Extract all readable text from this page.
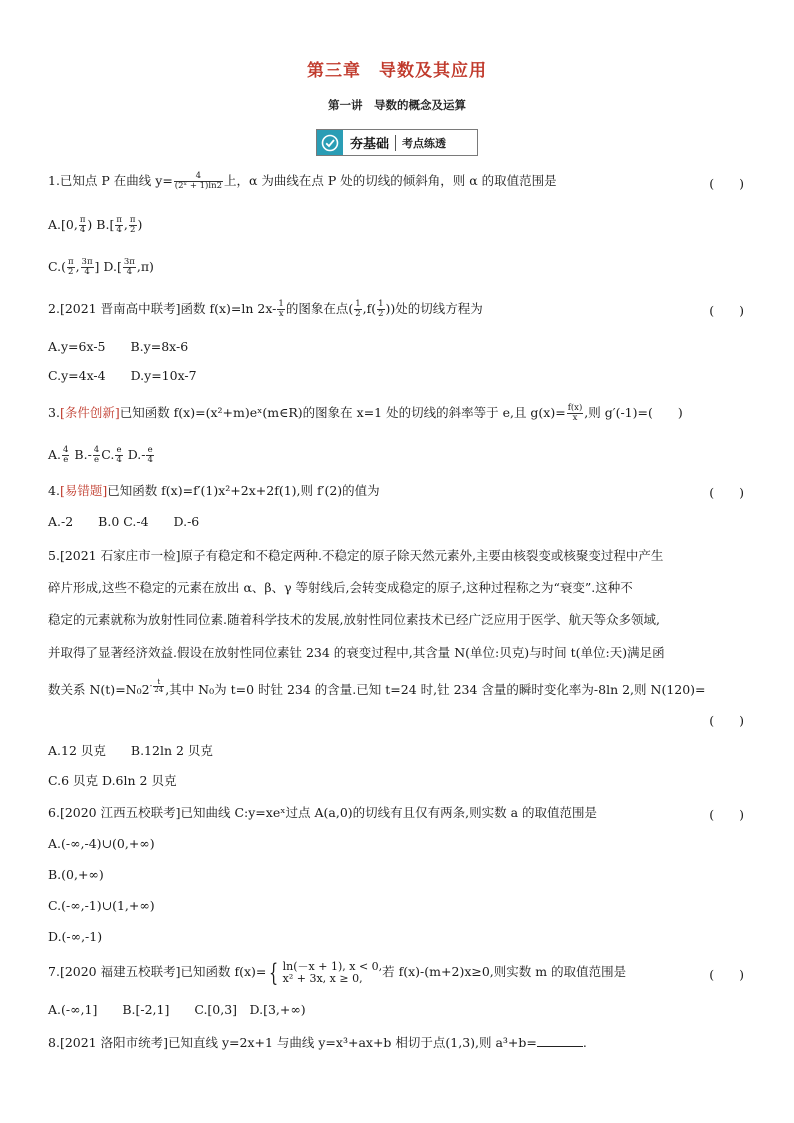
第三章　导数及其应用
第一讲　导数的概念及运算
夯基础	考点练透
1.已知点 P 在曲线 $y= \frac{4}{\text{(2ˣ + 1)ln2}}$ 上，α 为曲线在点 P 处的切线的倾斜角，则 α 的取值范围是	(　　)
A.[0, $\frac{\pi}{4}$ ) $B.[ \frac{\pi}{4}$ , $\frac{\pi}{2}$ )
$C.( \frac{\pi}{2}$ , $\frac{3\pi}{4}$ ] $D.[ \frac{3\pi}{4} ,\pi)$
2.[2021 晋南高中联考]函数 f(x)=ln $2x- \frac{1}{x}$ 的图象在点( $\frac{1}{2} ,f( \frac{1}{2}$ ))处的切线方程为	(　　)
A.y=6x-5　　B.y=8x-6
C.y=4x-4　　D.y=10x-7
3.[条件创新]已知函数 f(x)=(x²+m)eˣ(m∈R)的图象在 x=1 处的切线的斜率等于 e,且 $g(x)= \frac{f(x)}{x}$ ,则 g′(-1)=(　　)
A. $\frac{4}{e} B.- \frac{4}{e} C$. $\frac{e}{4} D.- \frac{e}{4}$
4.[易错题]已知函数 f(x)=f′(1)x²+2x+2f(1),则 f′(2)的值为	(　　)
A.-2　　B.0 C.-4　　D.-6
5.[2021 石家庄市一检]原子有稳定和不稳定两种.不稳定的原子除天然元素外,主要由核裂变或核聚变过程中产生
碎片形成,这些不稳定的元素在放出 α、β、γ 等射线后,会转变成稳定的原子,这种过程称之为“衰变”.这种不
稳定的元素就称为放射性同位素.随着科学技术的发展,放射性同位素技术已经广泛应用于医学、航天等众多领域,
并取得了显著经济效益.假设在放射性同位素钍 234 的衰变过程中,其含量 N(单位:贝克)与时间 t(单位:天)满足函
数关系 $N(t)=N_02- \frac{t}{24}$ ,其中 N₀为 t=0 时钍 234 的含量.已知 t=24 时,钍 234 含量的瞬时变化率为-8ln 2,则 N(120)=
(　　)
A.12 贝克　　B.12ln 2 贝克
C.6 贝克 D.6ln 2 贝克
6.[2020 江西五校联考]已知曲线 C:y=xeˣ过点 A(a,0)的切线有且仅有两条,则实数 a 的取值范围是	(　　)
A.(-∞,-4)∪(0,+∞)
B.(0,+∞)
C.(-∞,-1)∪(1,+∞)
D.(-∞,-1)
7.[2020 福建五校联考]已知函数 f(x)= { ln(－x + 1), x < 0,
x² + 3x, x ≥ 0,	若 f(x)-(m+2)x≥0,则实数 m 的取值范围是	(　　)
A.(-∞,1]　　B.[-2,1]　　C.[0,3]　D.[3,+∞)
8.[2021 洛阳市统考]已知直线 y=2x+1 与曲线 y=x³+ax+b 相切于点(1,3),则 a³+b=	.
